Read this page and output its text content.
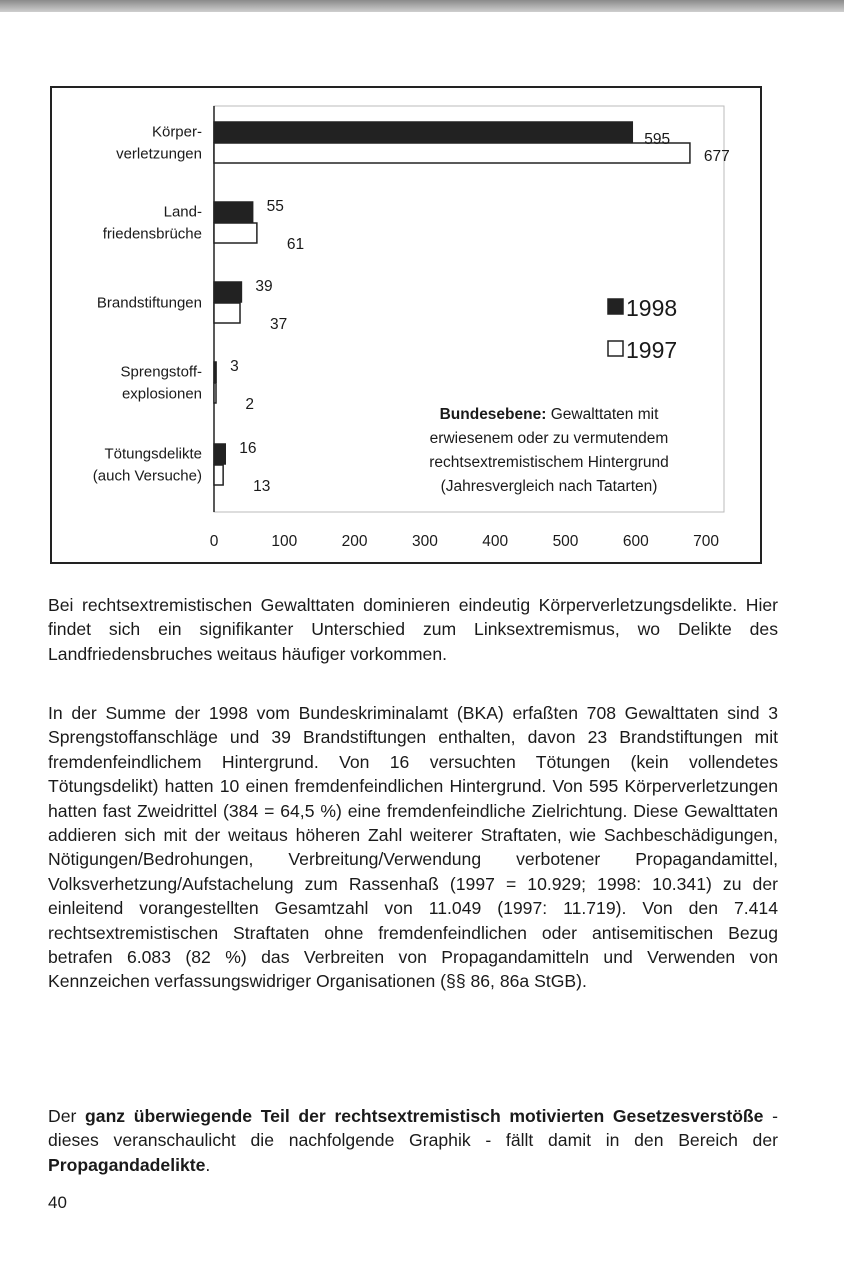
0	100	200	300	400	500	600	700
Körper-
verletzungen
595
677
Land-
friedensbrüche
55
61
Brandstiftungen
39
37
Sprengstoff-
explosionen
3
2
Tötungsdelikte
(auch Versuche)
16
13
1998
1997
Bundesebene: Gewalttaten mit
erwiesenem oder zu vermutendem
rechtsextremistischem Hintergrund
(Jahresvergleich nach Tatarten)

Bei rechtsextremistischen Gewalttaten dominieren eindeutig Körperverletzungsdelikte. Hier findet sich ein signifikanter Unterschied zum Linksextremismus, wo Delikte des Landfriedensbruches weitaus häufiger vorkommen.

In der Summe der 1998 vom Bundeskriminalamt (BKA) erfaßten 708 Gewalttaten sind 3 Sprengstoffanschläge und 39 Brandstiftungen enthalten, davon 23 Brandstiftungen mit fremdenfeindlichem Hintergrund. Von 16 versuchten Tötungen (kein vollendetes Tötungsdelikt) hatten 10 einen fremdenfeindlichen Hintergrund. Von 595 Körperverletzungen hatten fast Zweidrittel (384 = 64,5 %) eine fremdenfeindliche Zielrichtung. Diese Gewalttaten addieren sich mit der weitaus höheren Zahl weiterer Straftaten, wie Sachbeschädigungen, Nötigungen/Bedrohungen, Verbreitung/Verwendung verbotener Propagandamittel, Volksverhetzung/Aufstachelung zum Rassenhaß (1997 = 10.929; 1998: 10.341) zu der einleitend vorangestellten Gesamtzahl von 11.049 (1997: 11.719). Von den 7.414 rechtsextremistischen Straftaten ohne fremdenfeindlichen oder antisemitischen Bezug betrafen 6.083 (82 %) das Verbreiten von Propagandamitteln und Verwenden von Kennzeichen verfassungswidriger Organisationen (§§ 86, 86a StGB).

Der ganz überwiegende Teil der rechtsextremistisch motivierten Gesetzesverstöße - dieses veranschaulicht die nachfolgende Graphik - fällt damit in den Bereich der Propagandadelikte.

40
